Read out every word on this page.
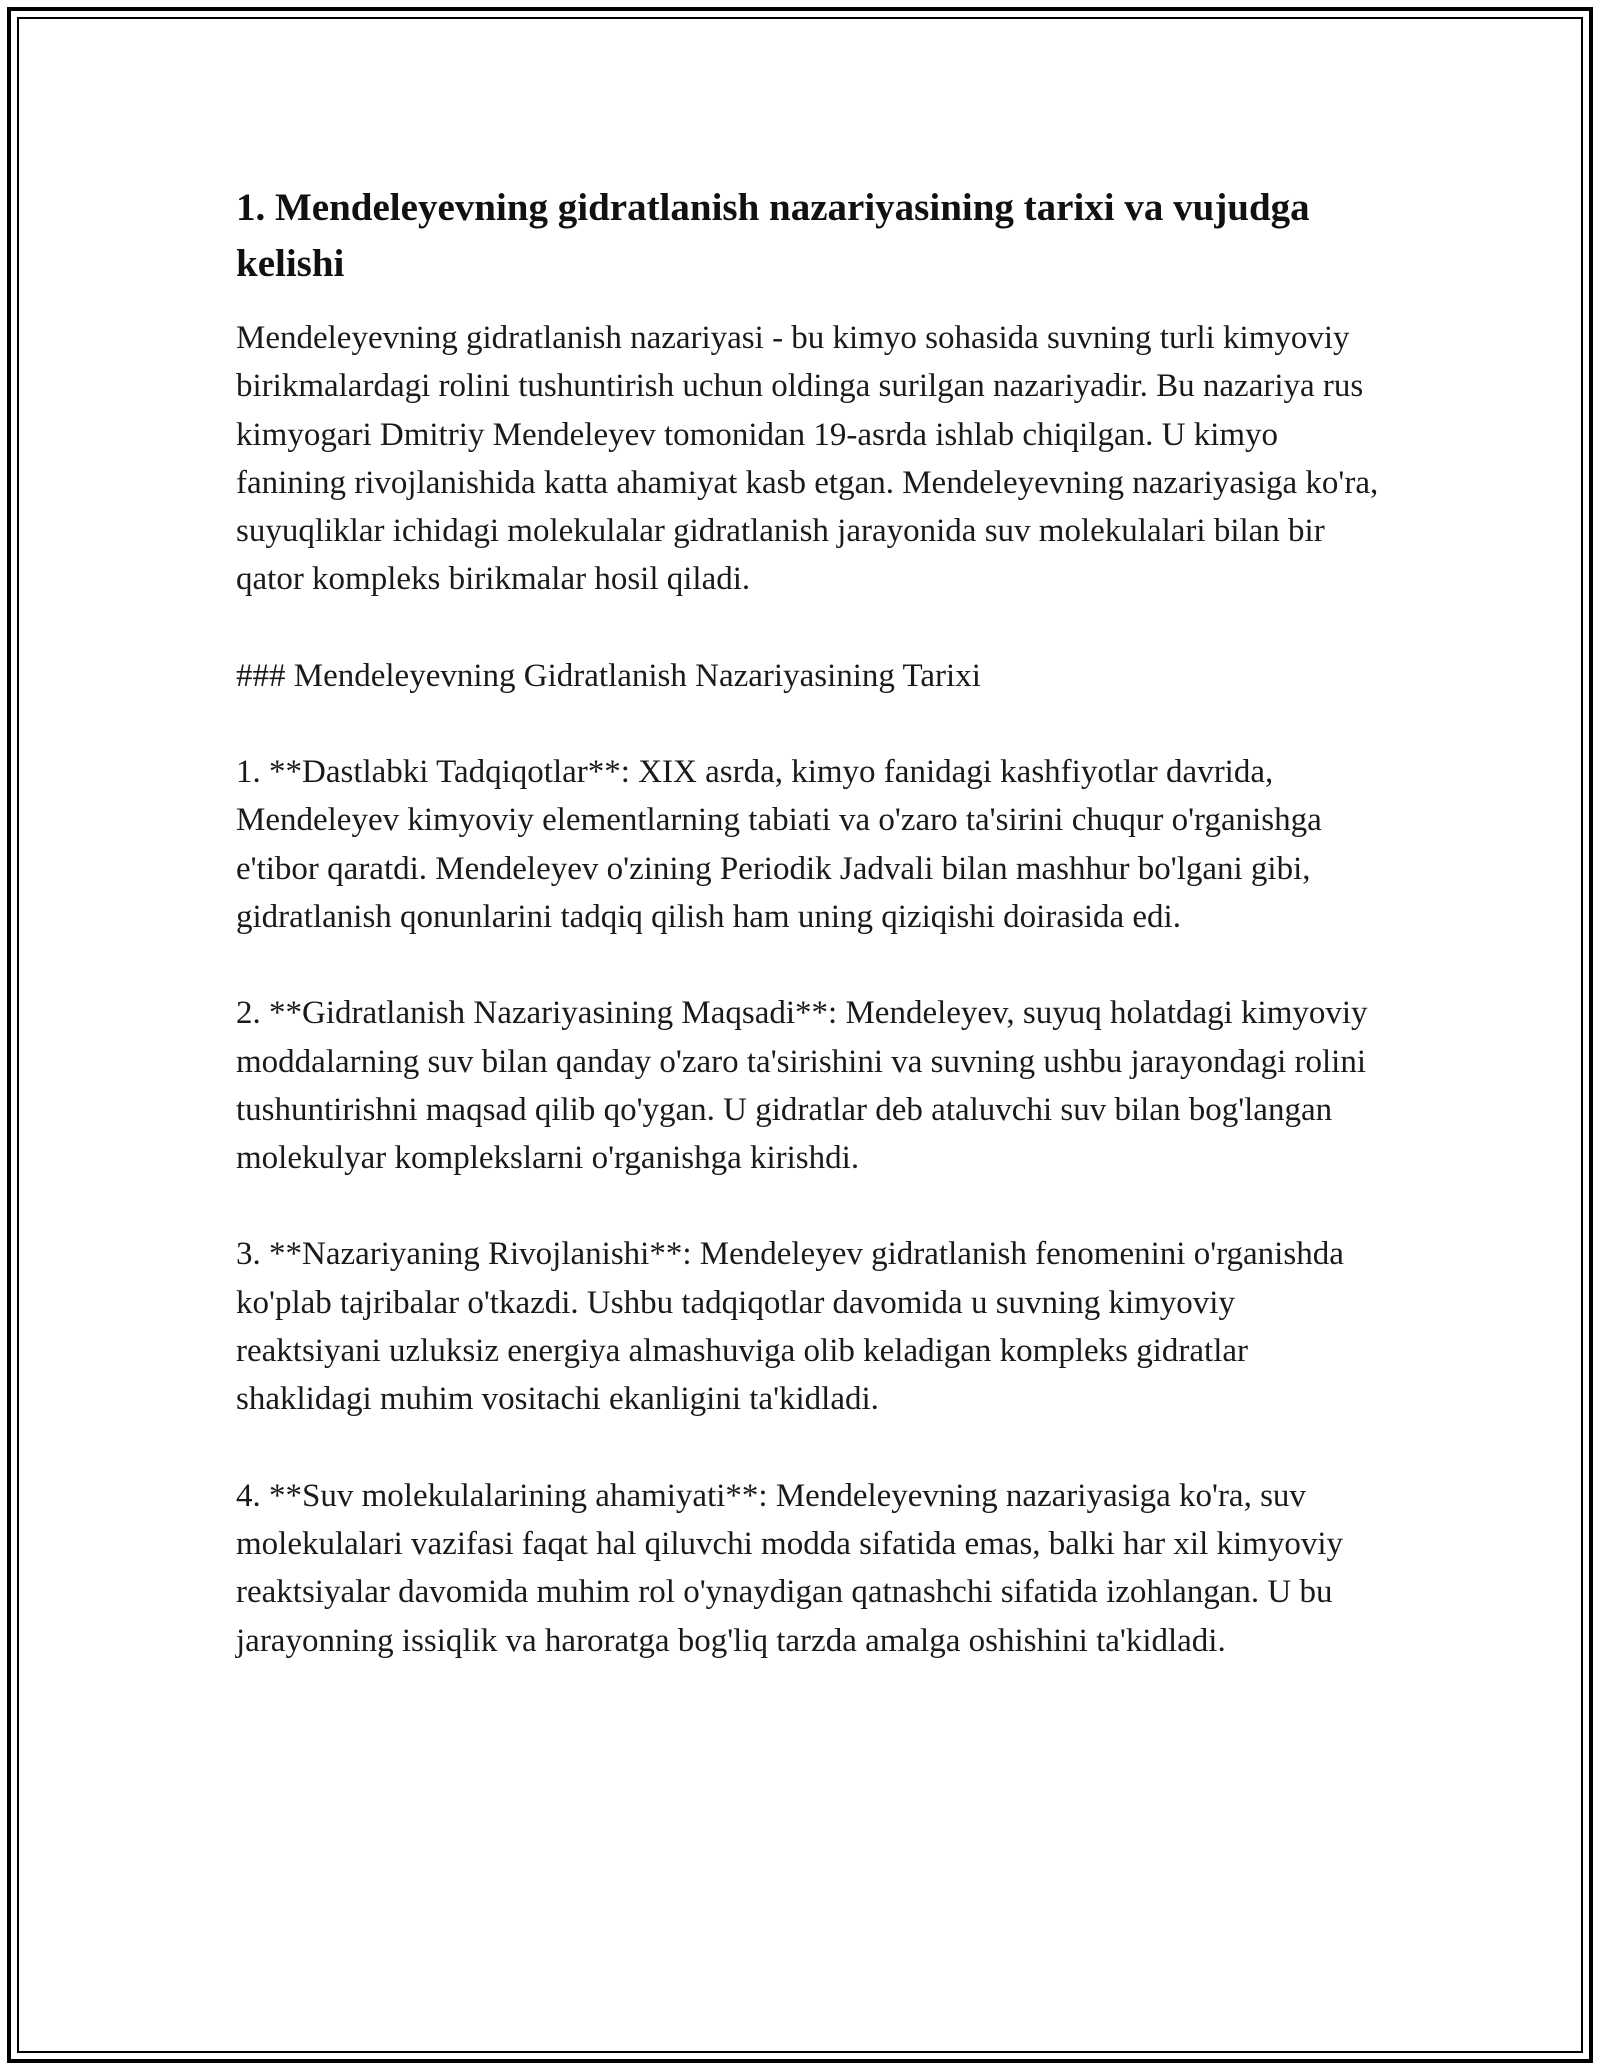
1. Mendeleyevning gidratlanish nazariyasining tarixi va vujudga kelishi

Mendeleyevning gidratlanish nazariyasi - bu kimyo sohasida suvning turli kimyoviy birikmalardagi rolini tushuntirish uchun oldinga surilgan nazariyadir. Bu nazariya rus kimyogari Dmitriy Mendeleyev tomonidan 19-asrda ishlab chiqilgan. U kimyo fanining rivojlanishida katta ahamiyat kasb etgan. Mendeleyevning nazariyasiga ko'ra, suyuqliklar ichidagi molekulalar gidratlanish jarayonida suv molekulalari bilan bir qator kompleks birikmalar hosil qiladi.

### Mendeleyevning Gidratlanish Nazariyasining Tarixi

1. **Dastlabki Tadqiqotlar**: XIX asrda, kimyo fanidagi kashfiyotlar davrida, Mendeleyev kimyoviy elementlarning tabiati va o'zaro ta'sirini chuqur o'rganishga e'tibor qaratdi. Mendeleyev o'zining Periodik Jadvali bilan mashhur bo'lgani gibi, gidratlanish qonunlarini tadqiq qilish ham uning qiziqishi doirasida edi.

2. **Gidratlanish Nazariyasining Maqsadi**: Mendeleyev, suyuq holatdagi kimyoviy moddalarning suv bilan qanday o'zaro ta'sirishini va suvning ushbu jarayondagi rolini tushuntirishni maqsad qilib qo'ygan. U gidratlar deb ataluvchi suv bilan bog'langan molekulyar komplekslarni o'rganishga kirishdi.

3. **Nazariyaning Rivojlanishi**: Mendeleyev gidratlanish fenomenini o'rganishda ko'plab tajribalar o'tkazdi. Ushbu tadqiqotlar davomida u suvning kimyoviy reaktsiyani uzluksiz energiya almashuviga olib keladigan kompleks gidratlar shaklidagi muhim vositachi ekanligini ta'kidladi.

4. **Suv molekulalarining ahamiyati**: Mendeleyevning nazariyasiga ko'ra, suv molekulalari vazifasi faqat hal qiluvchi modda sifatida emas, balki har xil kimyoviy reaktsiyalar davomida muhim rol o'ynaydigan qatnashchi sifatida izohlangan. U bu jarayonning issiqlik va haroratga bog'liq tarzda amalga oshishini ta'kidladi.
